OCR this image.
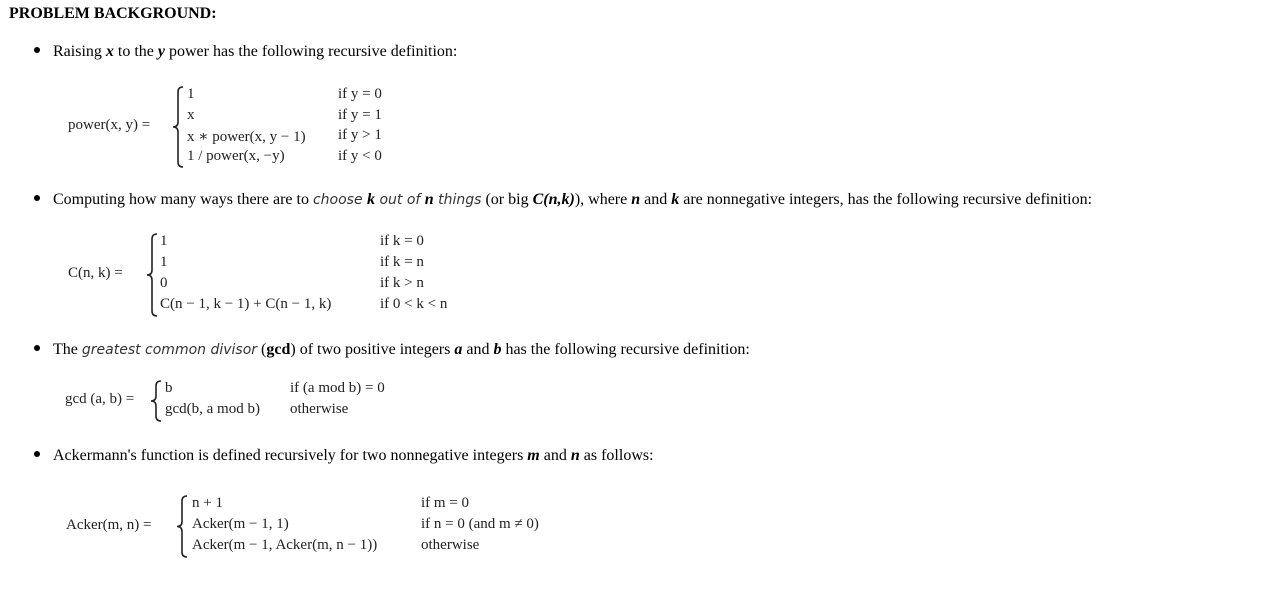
PROBLEM BACKGROUND:
Raising x to the y power has the following recursive definition:
Computing how many ways there are to choose k out of n things (or big C(n,k)), where n and k are nonnegative integers, has the following recursive definition:
The greatest common divisor (gcd) of two positive integers a and b has the following recursive definition:
Ackermann's function is defined recursively for two nonnegative integers m and n as follows:
power(x, y) =
1	if y = 0
x	if y = 1
x ∗ power(x, y − 1) if y > 1
1 / power(x, −y)	if y < 0
C(n, k) =
1	if k = 0
1	if k = n
0	if k > n
C(n − 1, k − 1) + C(n − 1, k)	if 0 < k < n
gcd (a, b) =
b	if (a mod b) = 0
gcd(b, a mod b) otherwise
Acker(m, n) =
n + 1	if m = 0
Acker(m − 1, 1)	if n = 0 (and m ≠ 0)
Acker(m − 1, Acker(m, n − 1))	otherwise
